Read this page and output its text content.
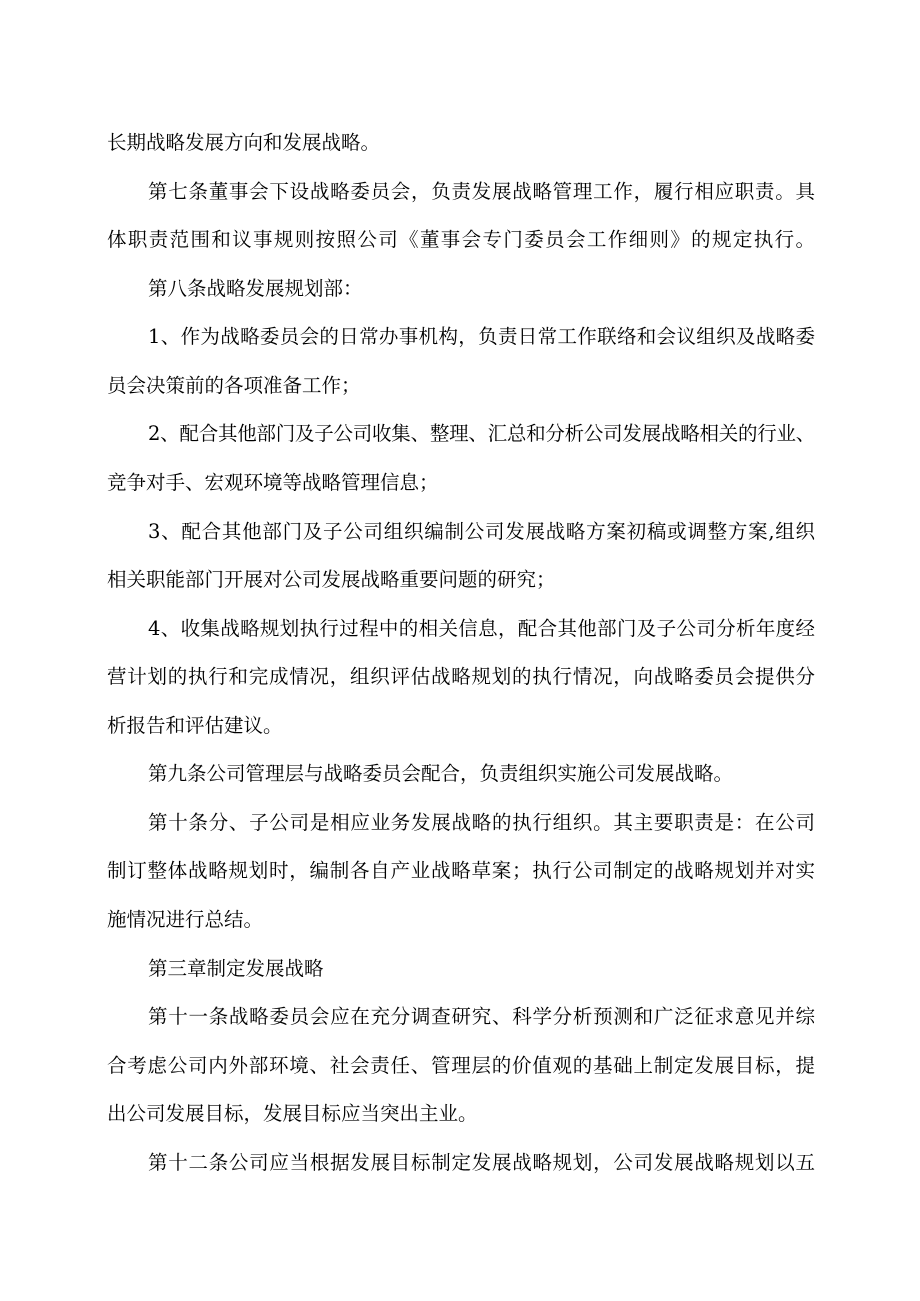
长期战略发展方向和发展战略。
第七条董事会下设战略委员会，负责发展战略管理工作，履行相应职责。具
体职责范围和议事规则按照公司《董事会专门委员会工作细则》的规定执行。
第八条战略发展规划部：
1、作为战略委员会的日常办事机构，负责日常工作联络和会议组织及战略委
员会决策前的各项准备工作；
2、配合其他部门及子公司收集、整理、汇总和分析公司发展战略相关的行业、
竞争对手、宏观环境等战略管理信息；
3、配合其他部门及子公司组织编制公司发展战略方案初稿或调整方案,组织
相关职能部门开展对公司发展战略重要问题的研究；
4、收集战略规划执行过程中的相关信息，配合其他部门及子公司分析年度经
营计划的执行和完成情况，组织评估战略规划的执行情况，向战略委员会提供分
析报告和评估建议。
第九条公司管理层与战略委员会配合，负责组织实施公司发展战略。
第十条分、子公司是相应业务发展战略的执行组织。其主要职责是：在公司
制订整体战略规划时，编制各自产业战略草案；执行公司制定的战略规划并对实
施情况进行总结。
第三章制定发展战略
第十一条战略委员会应在充分调查研究、科学分析预测和广泛征求意见并综
合考虑公司内外部环境、社会责任、管理层的价值观的基础上制定发展目标，提
出公司发展目标，发展目标应当突出主业。
第十二条公司应当根据发展目标制定发展战略规划，公司发展战略规划以五
